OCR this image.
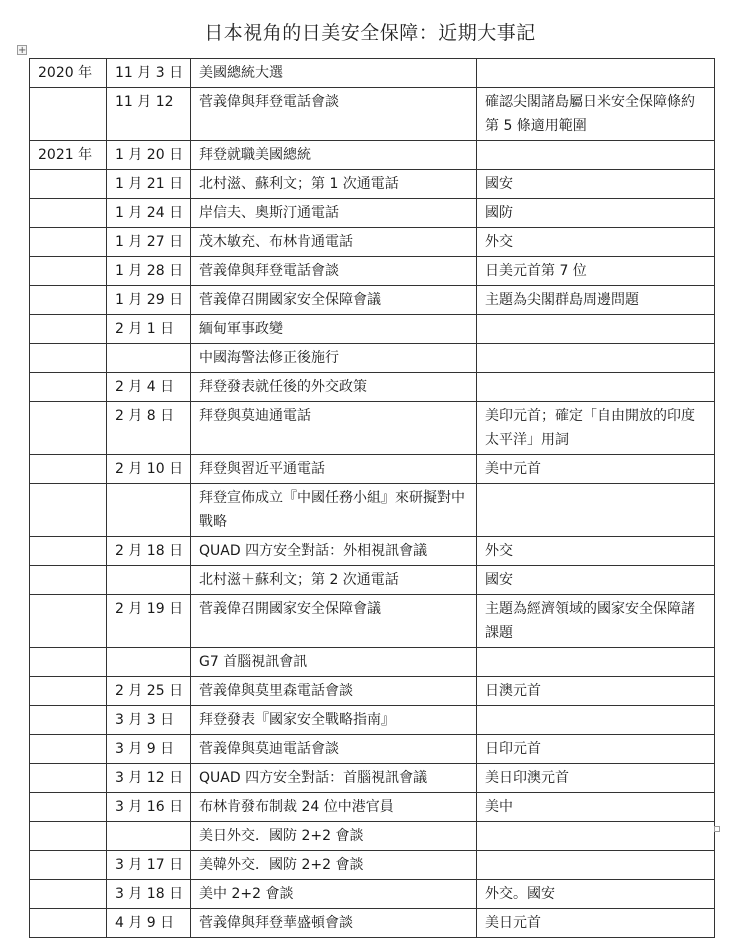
日本視角的日美安全保障：近期大事記
+
2020 年	11 月 3 日	美國總統大選	
	11 月 12	菅義偉與拜登電話會談	確認尖閣諸島屬日米安全保障條約第 5 條適用範圍
2021 年	1 月 20 日	拜登就職美國總統	
	1 月 21 日	北村滋、蘇利文；第 1 次通電話	國安
	1 月 24 日	岸信夫、奧斯汀通電話	國防
	1 月 27 日	茂木敏充、布林肯通電話	外交
	1 月 28 日	菅義偉與拜登電話會談	日美元首第 7 位
	1 月 29 日	菅義偉召開國家安全保障會議	主題為尖閣群島周邊問題
	2 月 1 日	緬甸軍事政變	
		中國海警法修正後施行	
	2 月 4 日	拜登發表就任後的外交政策	
	2 月 8 日	拜登與莫迪通電話	美印元首；確定「自由開放的印度太平洋」用詞
	2 月 10 日	拜登與習近平通電話	美中元首
		拜登宣佈成立『中國任務小組』來研擬對中戰略	
	2 月 18 日	QUAD 四方安全對話：外相視訊會議	外交
		北村滋＋蘇利文；第 2 次通電話	國安
	2 月 19 日	菅義偉召開國家安全保障會議	主題為經濟領域的國家安全保障諸課題
		G7 首腦視訊會訊	
	2 月 25 日	菅義偉與莫里森電話會談	日澳元首
	3 月 3 日	拜登發表『國家安全戰略指南』	
	3 月 9 日	菅義偉與莫迪電話會談	日印元首
	3 月 12 日	QUAD 四方安全對話：首腦視訊會議	美日印澳元首
	3 月 16 日	布林肯發布制裁 24 位中港官員	美中
		美日外交．國防 2+2 會談	
	3 月 17 日	美韓外交．國防 2+2 會談	
	3 月 18 日	美中 2+2 會談	外交。國安
	4 月 9 日	菅義偉與拜登華盛頓會談	美日元首
